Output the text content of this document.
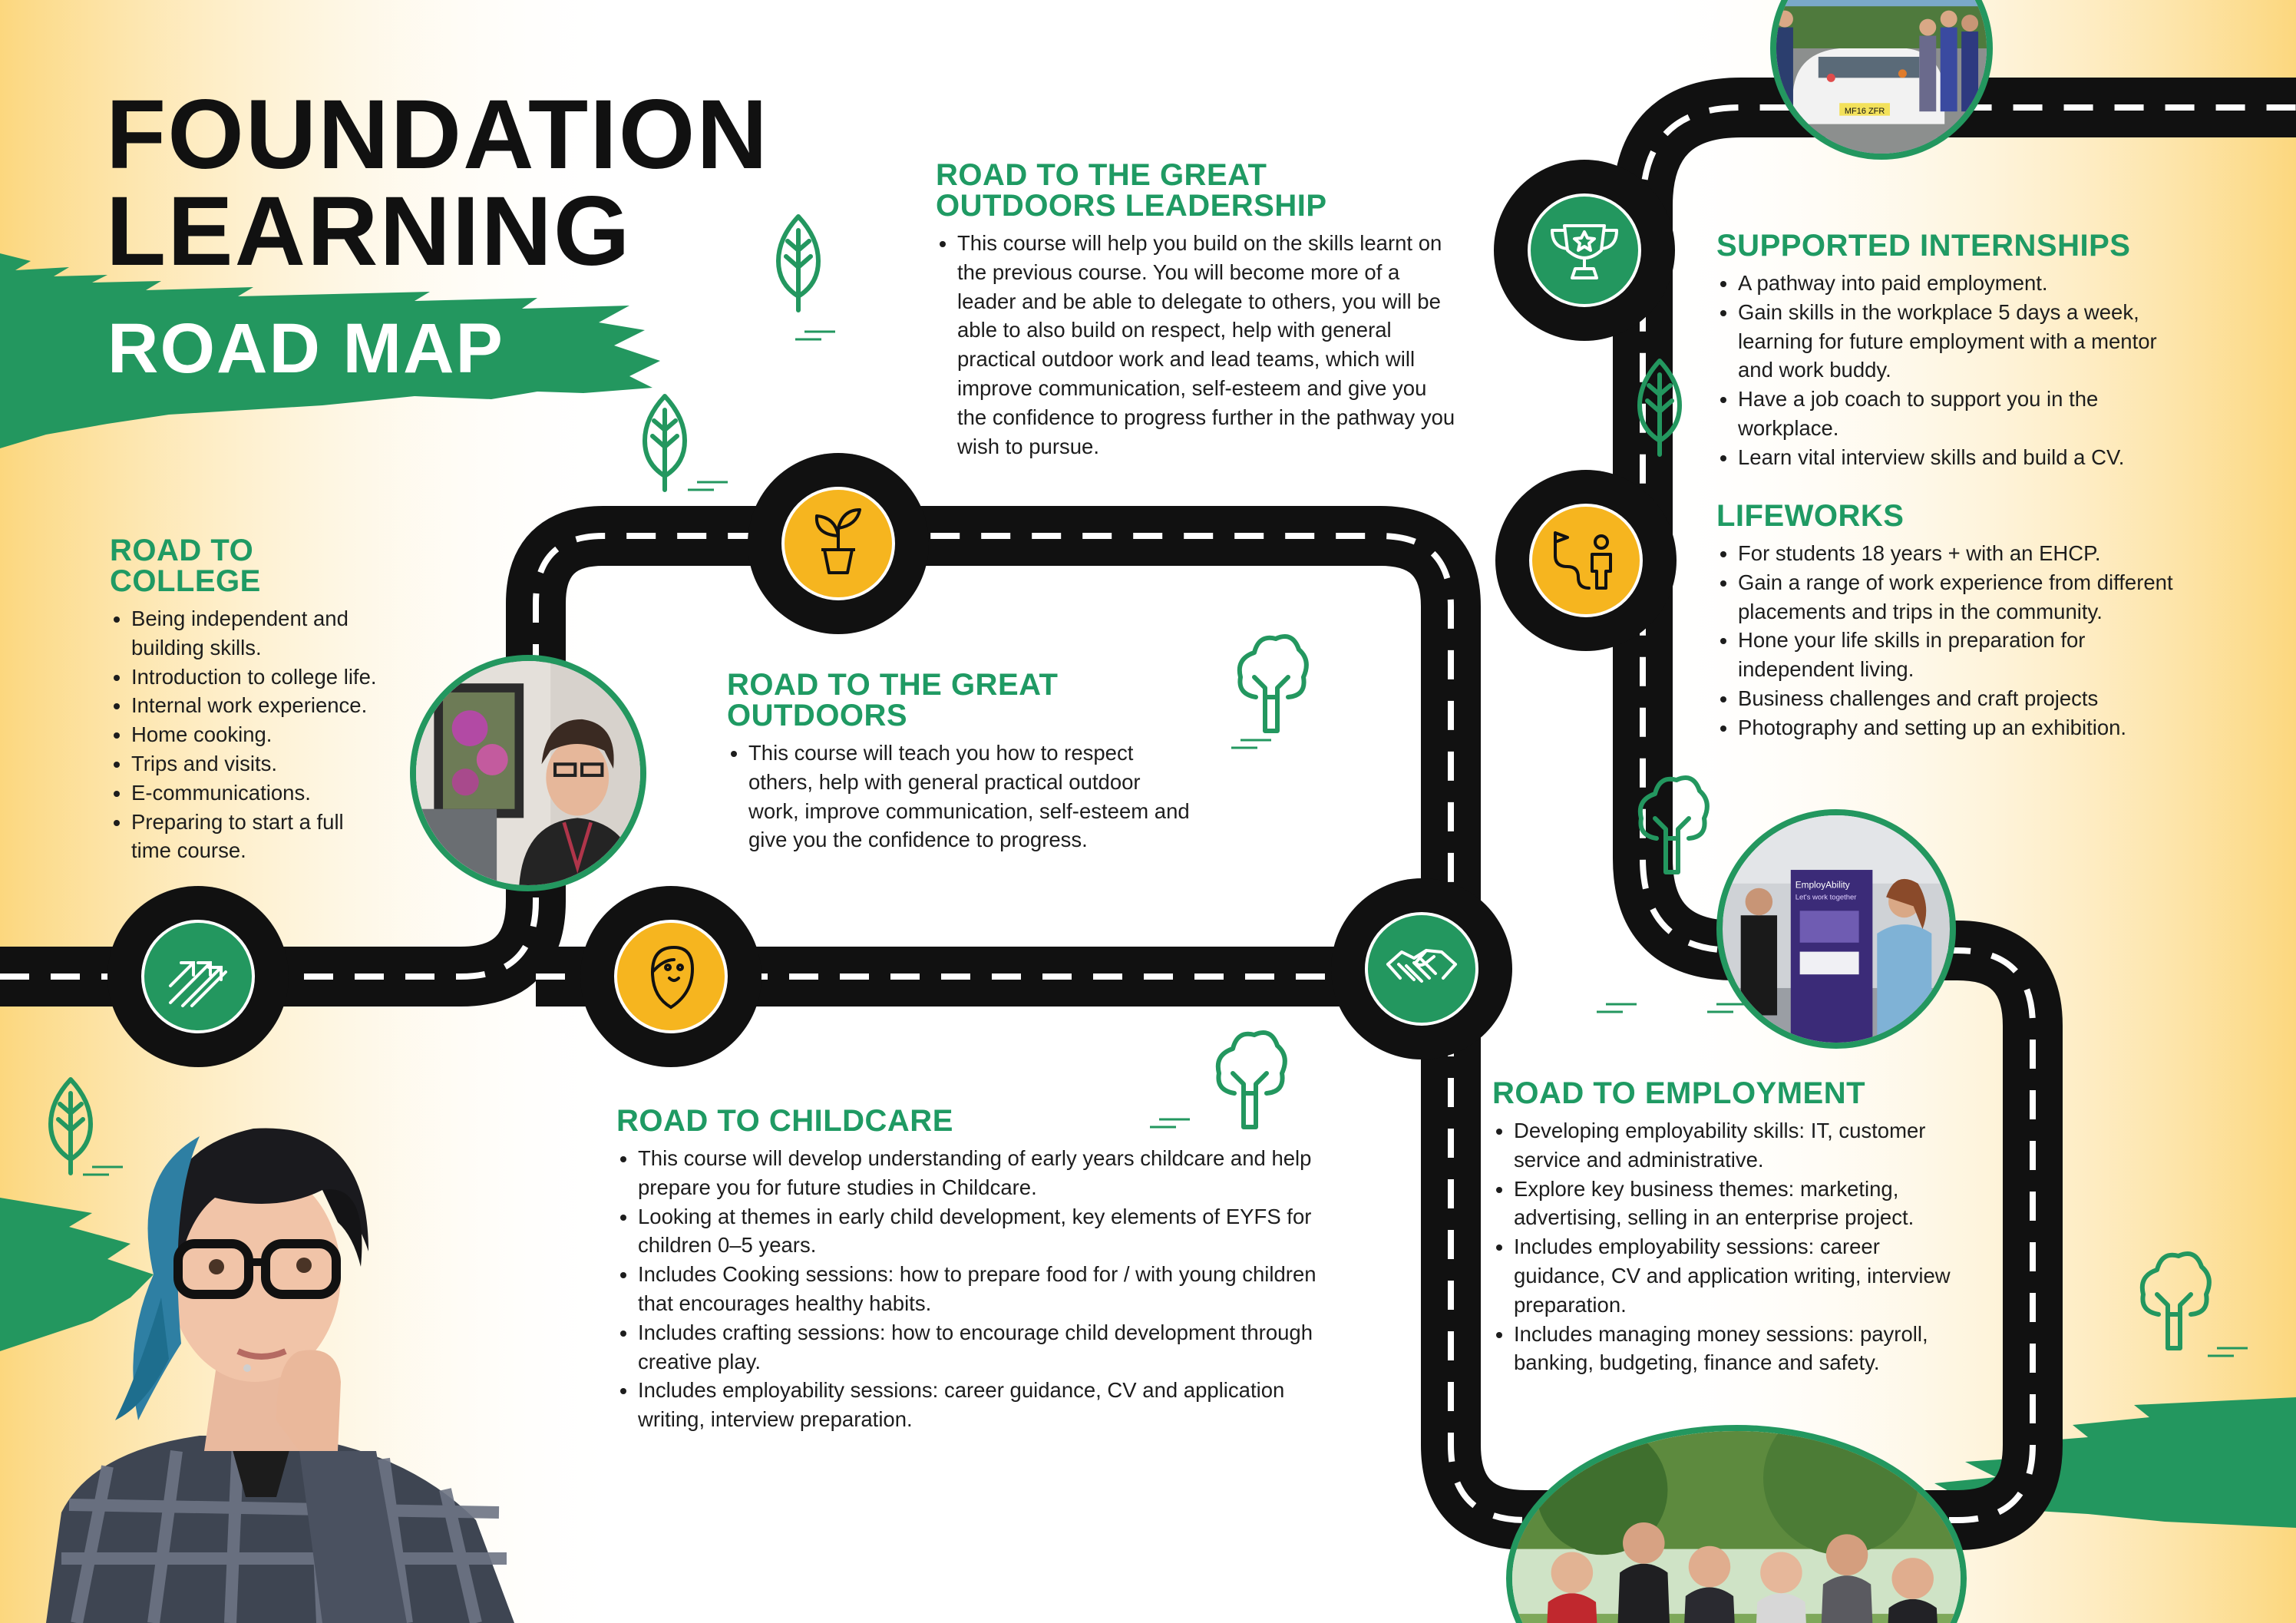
MF16 ZFR
EmployAbility
Let's work together
FOUNDATION
LEARNING
ROAD MAP
ROAD TO COLLEGE
• Being independent and building skills.
• Introduction to college life.
• Internal work experience.
• Home cooking.
• Trips and visits.
• E-communications.
• Preparing to start a full time course.
ROAD TO THE GREAT
OUTDOORS LEADERSHIP
• This course will help you build on the skills learnt on the previous course. You will become more of a leader and be able to delegate to others, you will be able to also build on respect, help with general practical outdoor work and lead teams, which will improve communication, self-esteem and give you the confidence to progress further in the pathway you wish to pursue.
ROAD TO THE GREAT
OUTDOORS
• This course will teach you how to respect others, help with general practical outdoor work, improve communication, self-esteem and give you the confidence to progress.
SUPPORTED INTERNSHIPS
• A pathway into paid employment.
• Gain skills in the workplace 5 days a week, learning for future employment with a mentor and work buddy.
• Have a job coach to support you in the workplace.
• Learn vital interview skills and build a CV.
LIFEWORKS
• For students 18 years + with an EHCP.
• Gain a range of work experience from different placements and trips in the community.
• Hone your life skills in preparation for independent living.
• Business challenges and craft projects
• Photography and setting up an exhibition.
ROAD TO CHILDCARE
• This course will develop understanding of early years childcare and help prepare you for future studies in Childcare.
• Looking at themes in early child development, key elements of EYFS for children 0–5 years.
• Includes Cooking sessions: how to prepare food for / with young children that encourages healthy habits.
• Includes crafting sessions: how to encourage child development through creative play.
• Includes employability sessions: career guidance, CV and application writing, interview preparation.
ROAD TO EMPLOYMENT
• Developing employability skills: IT, customer service and administrative.
• Explore key business themes: marketing, advertising, selling in an enterprise project.
• Includes employability sessions: career guidance, CV and application writing, interview preparation.
• Includes managing money sessions: payroll, banking, budgeting, finance and safety.
